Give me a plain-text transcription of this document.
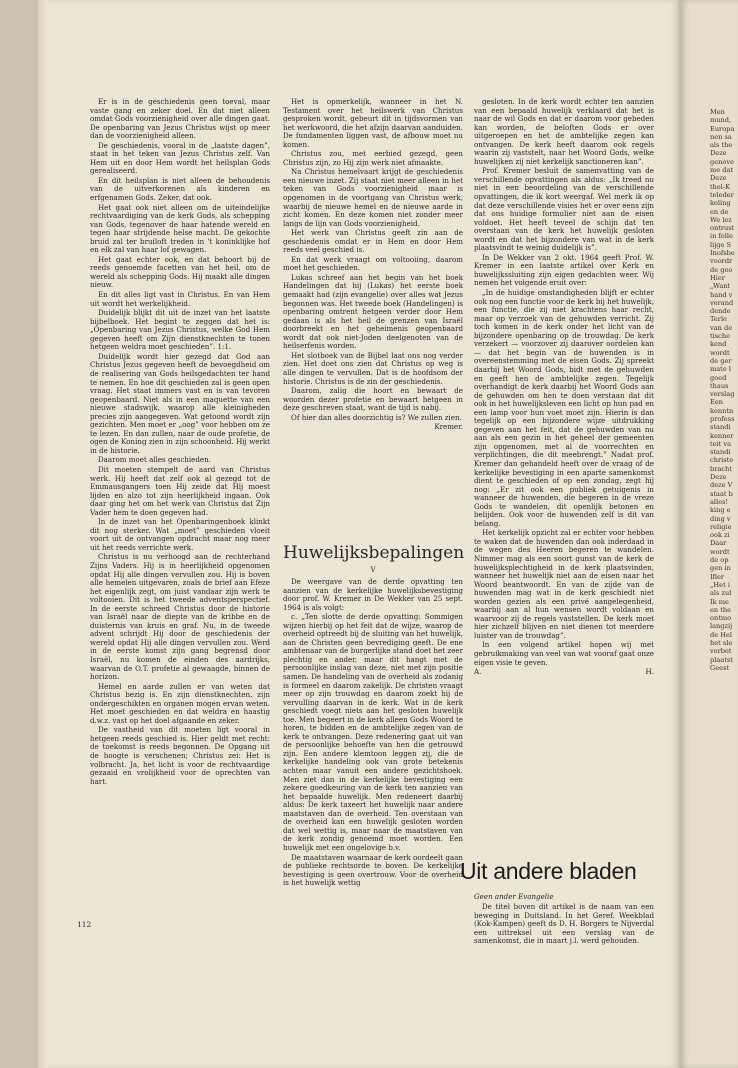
Er is in de geschiedenis geen toeval, maar vaste gang en zeker doel. En dat niet alleen omdat Gods voorzienigheid over alle dingen gaat. De openbaring van Jezus Christus wijst op meer dan de voorzienigheid alleen.

De geschiedenis, vooral in de „laatste dagen”, staat in het teken van Jezus Christus zelf. Van Hem uit en door Hem wordt het heilsplan Gods gerealiseerd.

En dit heilsplan is niet alleen de behoudenis van de uitverkorenen als kinderen en erfgenamen Gods. Zeker, dat ook.

Het gaat ook niet alleen om de uiteindelijke rechtvaardiging van de kerk Gods, als schepping van Gods, tegenover de haar hatende wereld en tegen haar strijdende helse macht. De gekochte bruid zal ter bruiloft treden in 't koninklijke hof en elk zal van haar lof gewagen.

Het gaat echter ook, en dat behoort bij de reeds genoemde facetten van het heil, om de wereld als schepping Gods. Hij maakt alle dingen nieuw.

En dit alles ligt vast in Christus. En van Hem uit wordt het werkelijkheid.

Duidelijk blijkt dit uit de inzet van het laatste bijbelboek. Het begint te zeggen dat het is: „Openbaring van Jezus Christus, welke God Hem gegeven heeft om Zijn dienstknechten te tonen hetgeen weldra moet geschieden”. 1:1.

Duidelijk wordt hier gezegd dat God aan Christus Jezus gegeven heeft de bevoegdheid om de realisering van Gods heilsgedachten ter hand te nemen. En hoe dit geschieden zal is geen open vraag. Het staat immers vast en is van tevoren geopenbaard. Niet als in een maquette van een nieuwe stadswijk, waarop alle kleinigheden precies zijn aangegeven. Wat getoond wordt zijn gezichten. Men moet er „oog” voor hebben om ze te lezen. En dan zullen, naar de oude profetie, de ogen de Koning zien in zijn schoonheid. Hij werkt in de historie.

Daarom moet alles geschieden.

Dit moeten stempelt de aard van Christus werk. Hij heeft dat zelf ook al gezegd tot de Emmausgangers toen Hij zeide dat Hij moest lijden en alzo tot zijn heerlijkheid ingaan. Ook daar ging het om het werk van Christus dat Zijn Vader hem te doen gegeven had.

In de inzet van het Openbaringenboek klinkt dit nog sterker. Wat „moet” geschieden vloeit voort uit de ontvangen opdracht maar nog meer uit het reeds verrichte werk.

Christus is nu verhoogd aan de rechterhand Zijns Vaders. Hij is in heerlijkheid opgenomen opdat Hij alle dingen vervullen zou. Hij is boven alle hemelen uitgevaren, zoals de brief aan Efeze het eigenlijk zegt, om juist vandaar zijn werk te voltooien. Dit is het tweede adventsperspectief. In de eerste schreed Christus door de historie van Israël naar de diepte van de kribbe en de duisternis van kruis en graf. Nu, in de tweede advent schrijdt Hij door de geschiedenis der wereld opdat Hij alle dingen vervullen zou. Werd in de eerste komst zijn gang begrensd door Israël, nu komen de einden des aardrijks, waarvan de O.T. profetie al gewaagde, binnen de horizon.

Hemel en aarde zullen er van weten dat Christus bezig is. En zijn dienstknechten, zijn ondergeschikten en organen mogen ervan weten. Het moet geschieden en dat weldra en haastig d.w.z. vast op het doel afgaande en zeker.

De vastheid van dit moeten ligt vooral in hetgeen reeds geschied is. Hier geldt met recht: de toekomst is reeds begonnen. De Opgang uit de hoogte is verschenen; Christus zei: Het is volbracht. Ja, het licht is voor de rechtvaardige gezaaid en vrolijkheid voor de oprechten van hart.

Het is opmerkelijk, wanneer in het N. Testament over het heilswerk van Christus gesproken wordt, gebeurt dit in tijdsvormen van het werkwoord, die het afzijn daarvan aanduiden. De fundamenten liggen vast, de afbouw moet nu komen.

Christus zou, met eerbied gezegd, geen Christus zijn, zo Hij zijn werk niet afmaakte.

Na Christus hemelvaart krijgt de geschiedenis een nieuwe inzet. Zij staat niet meer alleen in het teken van Gods voorzienigheid maar is opgenomen in de voortgang van Christus werk, waarbij de nieuwe hemel en de nieuwe aarde in zicht komen. En deze komen niet zonder meer langs de lijn van Gods voorzienigheid.

Het werk van Christus geeft zin aan de geschiedenis omdat er in Hem en door Hem reeds veel geschied is.

En dat werk vraagt om voltooiing, daarom moet het geschieden.

Lukas schreef aan het begin van het boek Handelingen dat hij (Lukas) het eerste boek gemaakt had (zijn evangelie) over alles wat Jezus begonnen was. Het tweede boek (Handelingen) is openbaring omtrent hetgeen verder door Hem gedaan is als het heil de grenzen van Israël doorbreekt en het geheimenis geopenbaard wordt dat ook niet-Joden deelgenoten van de heilserfenis worden.

Het slotboek van de Bijbel laat ons nog verder zien. Het doet ons zien dat Christus op weg is alle dingen te vervullen. Dat is de hoofdsom der historie. Christus is de zin der geschiedenis.

Daarom, zalig die hoort en bewaart de woorden dezer profetie en bewaart hetgeen in deze geschreven staat, want de tijd is nabij.

Of hier dan alles doorzichtig is? We zullen zien.

Kremer.
Huwelijksbepalingen
V

De weergave van de derde opvatting ten aanzien van de kerkelijke huwelijksbevestiging door prof. W. Kremer in De Wekker van 25 sept. 1964 is als volgt:

c. „Ten slotte de derde opvatting: Sommigen wijzen hierbij op het feit dat de wijze, waarop de overheid optreedt bij de sluiting van het huwelijk, aan de Christen geen bevrediging geeft. De ene ambtenaar van de burgerlijke stand doet het zeer plechtig en ander, maar dit hangt met de persoonlijke inslag van deze, niet met zijn positie samen. De handeling van de overheid als zodanig is formeel en daarom zakelijk. De christen vraagt meer op zijn trouwdag en daarom zoekt hij de vervulling daarvan in de kerk. Wat in de kerk geschiedt voegt niets aan het gesloten huwelijk toe. Men begeert in de kerk alleen Gods Woord te horen, te bidden en de ambtelijke zegen van de kerk te ontvangen. Deze redenering gaat uit van de persoonlijke behoefte van hen die getrouwd zijn. Een andere klemtoon leggen zij, die de kerkelijke handeling ook van grote betekenis achten maar vanuit een andere gezichtshoek. Men ziet dan in de kerkelijke bevestiging een zekere goedkeuring van de kerk ten aanzien van het bepaalde huwelijk. Men redeneert daarbij aldus: De kerk taxeert het huwelijk naar andere maatstaven dan de overheid. Ten overstaan van de overheid kan een huwelijk gesloten worden dat wel wettig is, maar naar de maatstaven van de kerk zondig genoemd moet worden. Een huwelijk met een ongelovige b.v.

De maatstaven waarnaar de kerk oordeelt gaan de publieke rechtsorde te boven. De kerkelijke bevestiging is geen overtrouw. Voor de overheid is het huwelijk wettig

gesloten. In de kerk wordt echter ten aanzien van een bepaald huwelijk verklaard dat het is naar de wil Gods en dat er daarom voor gebeden kan worden, de beloften Gods er over uitgeroepen en het de ambtelijke zegen kan ontvangen. De kerk heeft daarom ook regels waarin zij vaststelt, naar het Woord Gods, welke huwelijken zij niet kerkelijk sanctioneren kan”.

Prof. Kremer besluit de samenvatting van de verschillende opvattingen als aldus: „Ik treed nu niet in een beoordeling van de verschillende opvattingen, die ik kort weergaf. Wel merk ik op dat deze verschillende visies het er over eens zijn dat ons huidige formulier niet aan de eisen voldoet. Het heeft teveel de schijn dat ten overstaan van de kerk het huwelijk gesloten wordt en dat het bijzondere van wat in de kerk plaatsvindt te weinig duidelijk is”.

In De Wekker van 2 okt. 1964 geeft Prof. W. Kremer in een laatste artikel over Kerk en huwelijkssluiting zijn eigen gedachten weer. Wij nemen het volgende eruit over:

„In de huidige omstandigheden blijft er echter ook nog een functie voor de kerk bij het huwelijk, een functie, die zij niet krachtens haar recht, maar op verzoek van de gehuwden verricht. Zij toch komen in de kerk onder het licht van de bijzondere openbaring op de trouwdag. De kerk verzekert — voorzover zij daarover oordelen kan — dat het begin van de huwenden is in overeenstemming met de eisen Gods. Zij spreekt daarbij het Woord Gods, bidt met de gehuwden en geeft hen de ambtelijke zegen. Tegelijk overhandigt de kerk daarbij het Woord Gods aan de gehuwden om hen te doen verstaan dat dit ook in het huwelijksleven een licht op hun pad en een lamp voor hun voet moet zijn. Hierin is dan tegelijk op een bijzondere wijze uitdrukking gegeven aan het feit, dat de gehuwden van nu aan als een gezin in het geheel der gemeenten zijn opgenomen, met al de voorrechten en verplichtingen, die dit meebrengt.” Nadat prof. Kremer dan gehandeld heeft over de vraag of de kerkelijke bevestiging in een aparte samenkomst dient te geschieden of op een zondag, zegt hij nog: „Er zit ook een publiek getuigenis in wanneer de huwenden, die begeren in de vreze Gods te wandelen, dit openlijk betonen en belijden. Ook voor de huwenden zelf is dit van belang.

Het kerkelijk opzicht zal er echter voor hebben te waken dat de huwenden dan ook inderdaad in de wegen des Heeren begeren te wandelen. Nimmer mag als een soort gunst van de kerk de huwelijksplechtigheid in de kerk plaatsvinden, wanneer het huwelijk niet aan de eisen naar het Woord beantwoordt. En van de zijde van de huwenden mag wat in de kerk geschiedt niet worden gezien als een privé aangelegenheid, waarbij aan al hun wensen wordt voldaan en waarvoor zij de regels vaststellen. De kerk moet hier zichzelf blijven en niet dienen tot meerdere luister van de trouwdag”.

In een volgend artikel hopen wij met gebruikmaking van veel van wat vooraf gaat onze eigen visie te geven.

A.	H.
Uit andere bladen
Geen ander Evangelie

De titel boven dit artikel is de naam van een beweging in Duitsland. In het Geref. Weekblad (Kok-Kampen) geeft ds D. H. Borgers te Nijverdal een uittreksel uit een verslag van de samenkomst, die in maart j.l. werd gehouden.

112
Men
mund,
Europa
nen sa
als the
Deze
genove
me dat
Deze
thel-K
teleder
keling
en de
We lez
ontrust
in felle
lijge S
Inofsbe
voordr
de geo
Hier
„Want
hand v
verand
dende
Terle
van de
tische
kend
wordt
de ger
mate l
goed
thaus
verslag
Een
kenntn
profess
standi
kenner
teit va
standi
christe
bracht
Deze
deze V
staat b
alles!
king e
ding v
religie
ook zi
Daar
wordt
de op
gen in
Ifler
„Het i
als zul
Ik me
en the
ontmo
langzij
de Hel
het sle
verbet
plaatst
Geest
